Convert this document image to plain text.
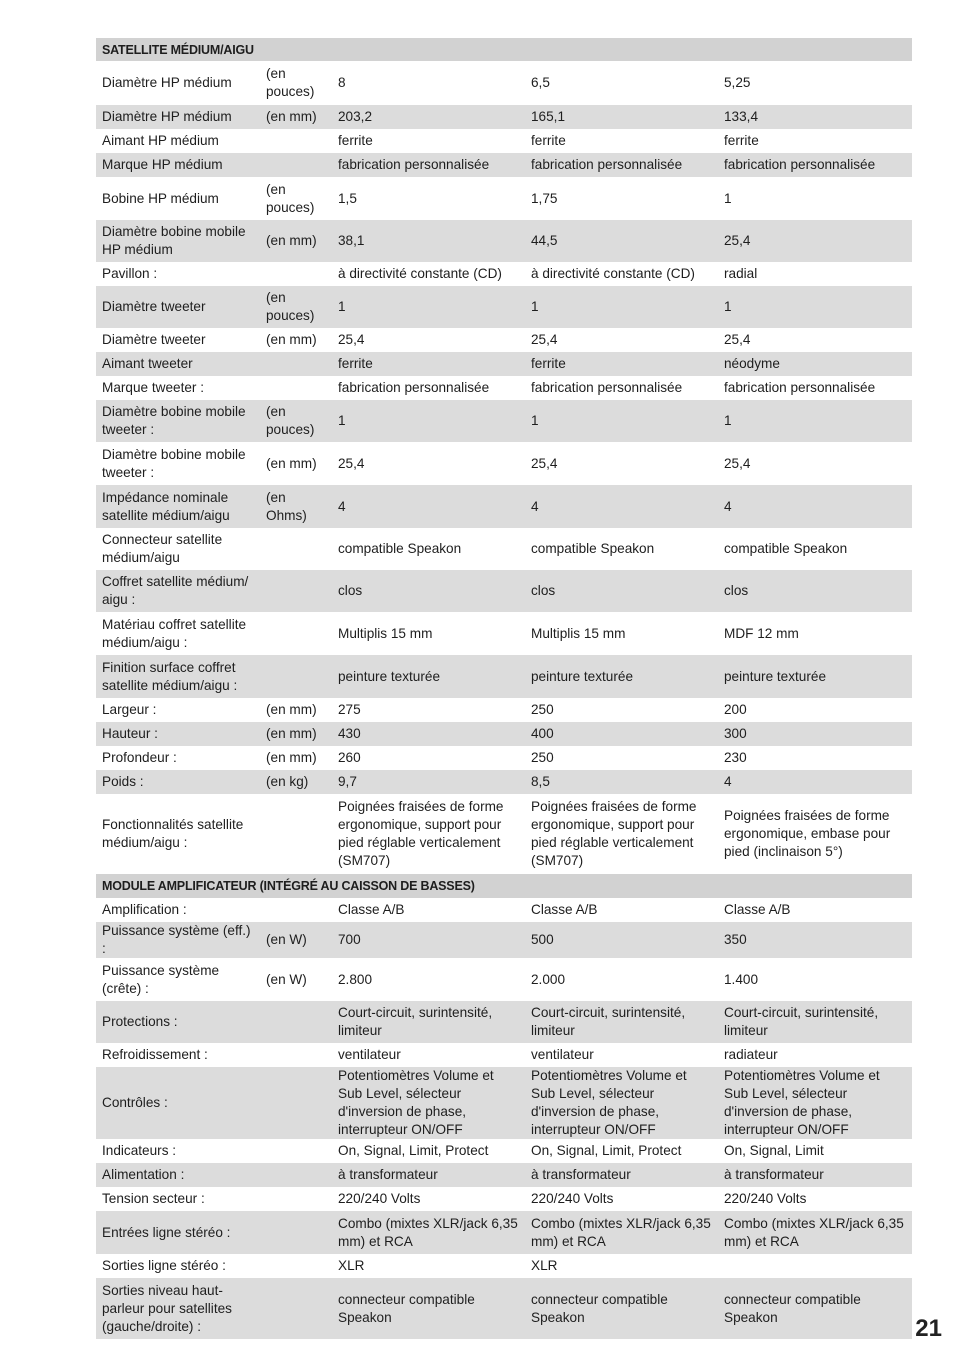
SATELLITE MÉDIUM/AIGU				
Diamètre HP médium	(en pouces)	8	6,5	5,25
Diamètre HP médium	(en mm)	203,2	165,1	133,4
Aimant HP médium		ferrite	ferrite	ferrite
Marque HP médium		fabrication personnalisée	fabrication personnalisée	fabrication personnalisée
Bobine HP médium	(en pouces)	1,5	1,75	1
Diamètre bobine mobile HP médium	(en mm)	38,1	44,5	25,4
Pavillon :		à directivité constante (CD)	à directivité constante (CD)	radial
Diamètre tweeter	(en pouces)	1	1	1
Diamètre tweeter	(en mm)	25,4	25,4	25,4
Aimant tweeter		ferrite	ferrite	néodyme
Marque tweeter :		fabrication personnalisée	fabrication personnalisée	fabrication personnalisée
Diamètre bobine mobile tweeter :	(en pouces)	1	1	1
Diamètre bobine mobile tweeter :	(en mm)	25,4	25,4	25,4
Impédance nominale satellite médium/aigu	(en Ohms)	4	4	4
Connecteur satellite médium/aigu		compatible Speakon	compatible Speakon	compatible Speakon
Coffret satellite médium/ aigu :		clos	clos	clos
Matériau coffret satellite médium/aigu :		Multiplis 15 mm	Multiplis 15 mm	MDF 12 mm
Finition surface coffret satellite médium/aigu :		peinture texturée	peinture texturée	peinture texturée
Largeur :	(en mm)	275	250	200
Hauteur :	(en mm)	430	400	300
Profondeur :	(en mm)	260	250	230
Poids :	(en kg)	9,7	8,5	4
Fonctionnalités satellite médium/aigu :		Poignées fraisées de forme ergonomique, support pour pied réglable verticalement (SM707)	Poignées fraisées de forme ergonomique, support pour pied réglable verticalement (SM707)	Poignées fraisées de forme ergonomique, embase pour pied (inclinaison 5°)
MODULE AMPLIFICATEUR (INTÉGRÉ AU CAISSON DE BASSES)				
Amplification :		Classe A/B	Classe A/B	Classe A/B
Puissance système (eff.) :	(en W)	700	500	350
Puissance système (crête) :	(en W)	2.800	2.000	1.400
Protections :		Court-circuit, surintensité, limiteur	Court-circuit, surintensité, limiteur	Court-circuit, surintensité, limiteur
Refroidissement :		ventilateur	ventilateur	radiateur
Contrôles :		Potentiomètres Volume et Sub Level, sélecteur d'inversion de phase, interrupteur ON/OFF	Potentiomètres Volume et Sub Level, sélecteur d'inversion de phase, interrupteur ON/OFF	Potentiomètres Volume et Sub Level, sélecteur d'inversion de phase, interrupteur ON/OFF
Indicateurs :		On, Signal, Limit, Protect	On, Signal, Limit, Protect	On, Signal, Limit
Alimentation :		à transformateur	à transformateur	à transformateur
Tension secteur :		220/240 Volts	220/240 Volts	220/240 Volts
Entrées ligne stéréo :		Combo (mixtes XLR/jack 6,35 mm) et RCA	Combo (mixtes XLR/jack 6,35 mm) et RCA	Combo (mixtes XLR/jack 6,35 mm) et RCA
Sorties ligne stéréo :		XLR	XLR	
Sorties niveau haut-parleur pour satellites (gauche/droite) :		connecteur compatible Speakon	connecteur compatible Speakon	connecteur compatible Speakon	21
